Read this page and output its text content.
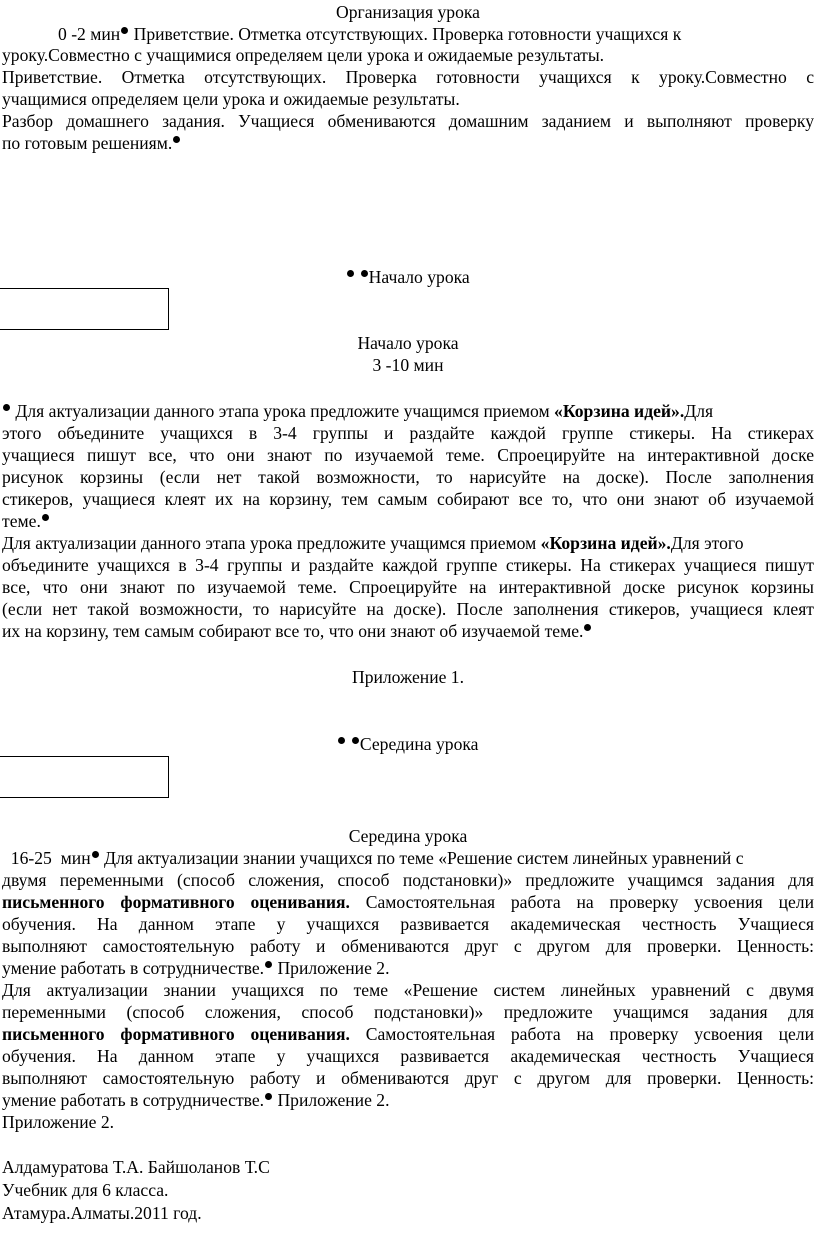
Организация урока
0 -2 мин Приветствие. Отметка отсутствующих. Проверка готовности учащихся к
уроку.Совместно с учащимися определяем цели урока и ожидаемые результаты.
Приветствие. Отметка отсутствующих. Проверка готовности учащихся к уроку.Совместно с
учащимися определяем цели урока и ожидаемые результаты.
Разбор домашнего задания. Учащиеся обмениваются домашним заданием и выполняют проверку
по готовым решениям.
Начало урока
Начало урока
3 -10 мин
Для актуализации данного этапа урока предложите учащимся приемом «Корзина идей».Для
этого объедините учащихся в 3-4 группы и раздайте каждой группе стикеры. На стикерах
учащиеся пишут все, что они знают по изучаемой теме. Спроецируйте на интерактивной доске
рисунок корзины (если нет такой возможности, то нарисуйте на доске). После заполнения
стикеров, учащиеся клеят их на корзину, тем самым собирают все то, что они знают об изучаемой
теме.
Для актуализации данного этапа урока предложите учащимся приемом «Корзина идей».Для этого
объедините учащихся в 3-4 группы и раздайте каждой группе стикеры. На стикерах учащиеся пишут
все, что они знают по изучаемой теме. Спроецируйте на интерактивной доске рисунок корзины
(если нет такой возможности, то нарисуйте на доске). После заполнения стикеров, учащиеся клеят
их на корзину, тем самым собирают все то, что они знают об изучаемой теме.
Приложение 1.
Середина урока
Середина урока
16-25  мин Для актуализации знании учащихся по теме «Решение систем линейных уравнений с
двумя переменными (способ сложения, способ подстановки)» предложите учащимся задания для
письменного формативного оценивания. Самостоятельная работа на проверку усвоения цели
обучения. На данном этапе у учащихся развивается академическая честность Учащиеся
выполняют самостоятельную работу и обмениваются друг с другом для проверки. Ценность:
умение работать в сотрудничестве. Приложение 2.
Для актуализации знании учащихся по теме «Решение систем линейных уравнений с двумя
переменными (способ сложения, способ подстановки)» предложите учащимся задания для
письменного формативного оценивания. Самостоятельная работа на проверку усвоения цели
обучения. На данном этапе у учащихся развивается академическая честность Учащиеся
выполняют самостоятельную работу и обмениваются друг с другом для проверки. Ценность:
умение работать в сотрудничестве. Приложение 2.
Приложение 2.
Алдамуратова Т.А. Байшоланов Т.С
Учебник для 6 класса.
Атамура.Алматы.2011 год.
